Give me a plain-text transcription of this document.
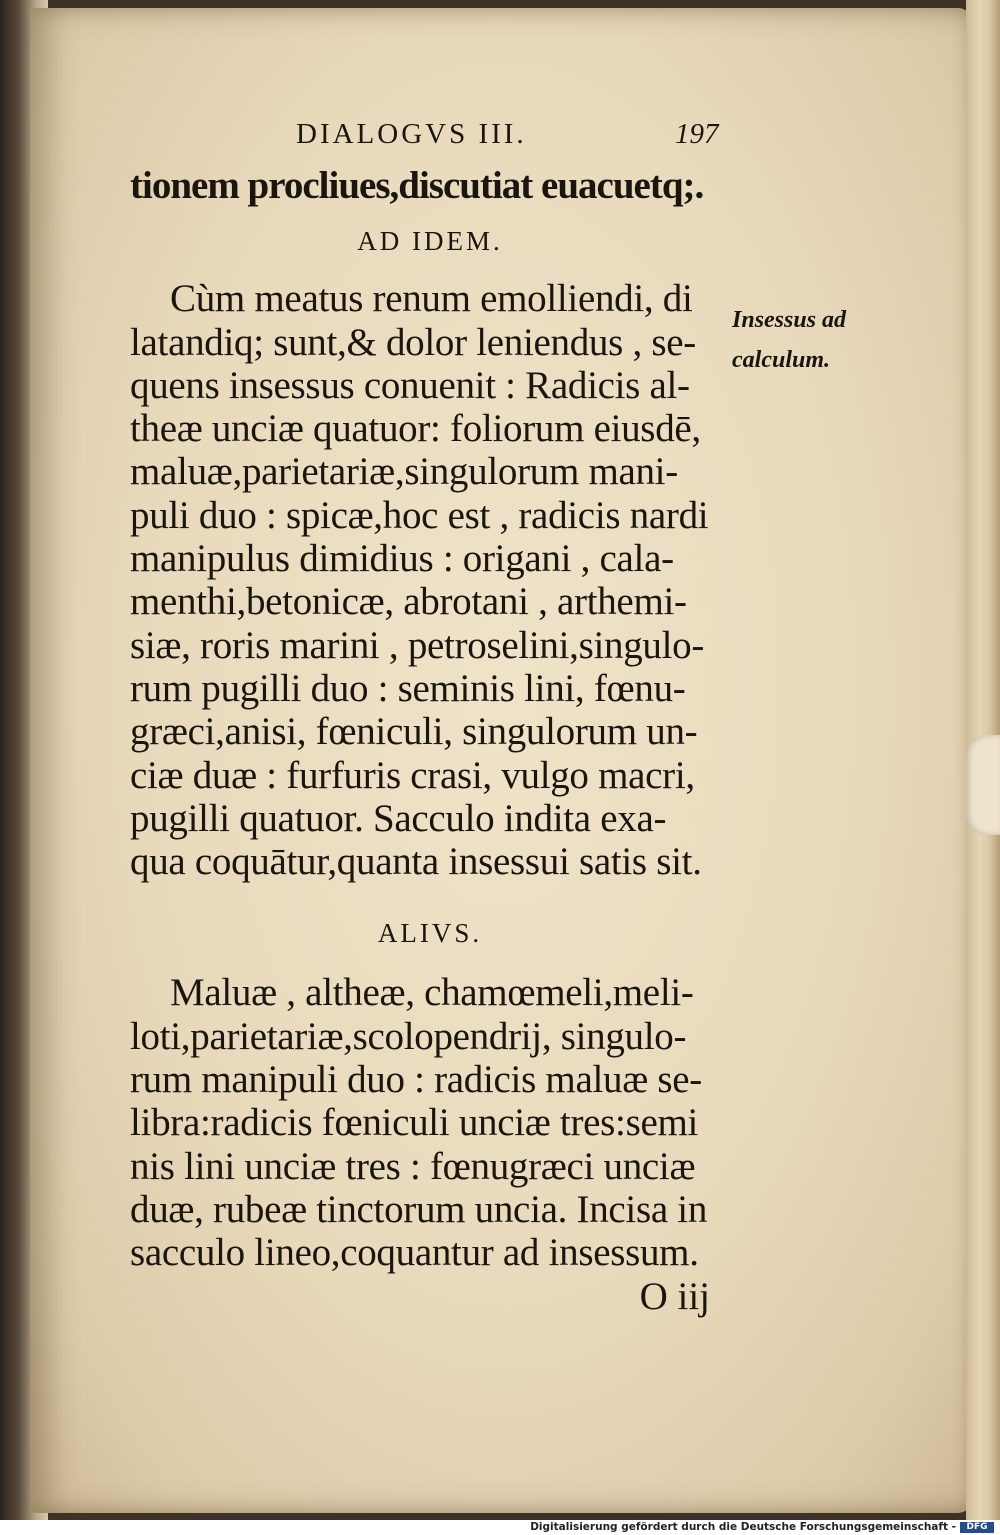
DIALOGVS III.	197
tionem procliues,discutiat euacuetq;.
AD IDEM.
Cùm meatus renum emolliendi, di
latandiq; sunt,& dolor leniendus , se-
quens insessus conuenit : Radicis al-
theæ unciæ quatuor: foliorum eiusdē,
maluæ,parietariæ,singulorum mani-
puli duo : spicæ,hoc est , radicis nardi
manipulus dimidius : origani , cala-
menthi,betonicæ, abrotani , arthemi-
siæ, roris marini , petroselini,singulo-
rum pugilli duo : seminis lini, fœnu-
græci,anisi, fœniculi, singulorum un-
ciæ duæ : furfuris crasi, vulgo macri,
pugilli quatuor. Sacculo indita exa-
qua coquātur,quanta insessui satis sit.
ALIVS.
Maluæ , altheæ, chamœmeli,meli-
loti,parietariæ,scolopendrij, singulo-
rum manipuli duo : radicis maluæ se-
libra:radicis fœniculi unciæ tres:semi
nis lini unciæ tres : fœnugræci unciæ
duæ, rubeæ tinctorum uncia. Incisa in
sacculo lineo,coquantur ad insessum.
O iij
Insessus ad
calculum.
Digitalisierung gefördert durch die Deutsche Forschungsgemeinschaft -	DFG
